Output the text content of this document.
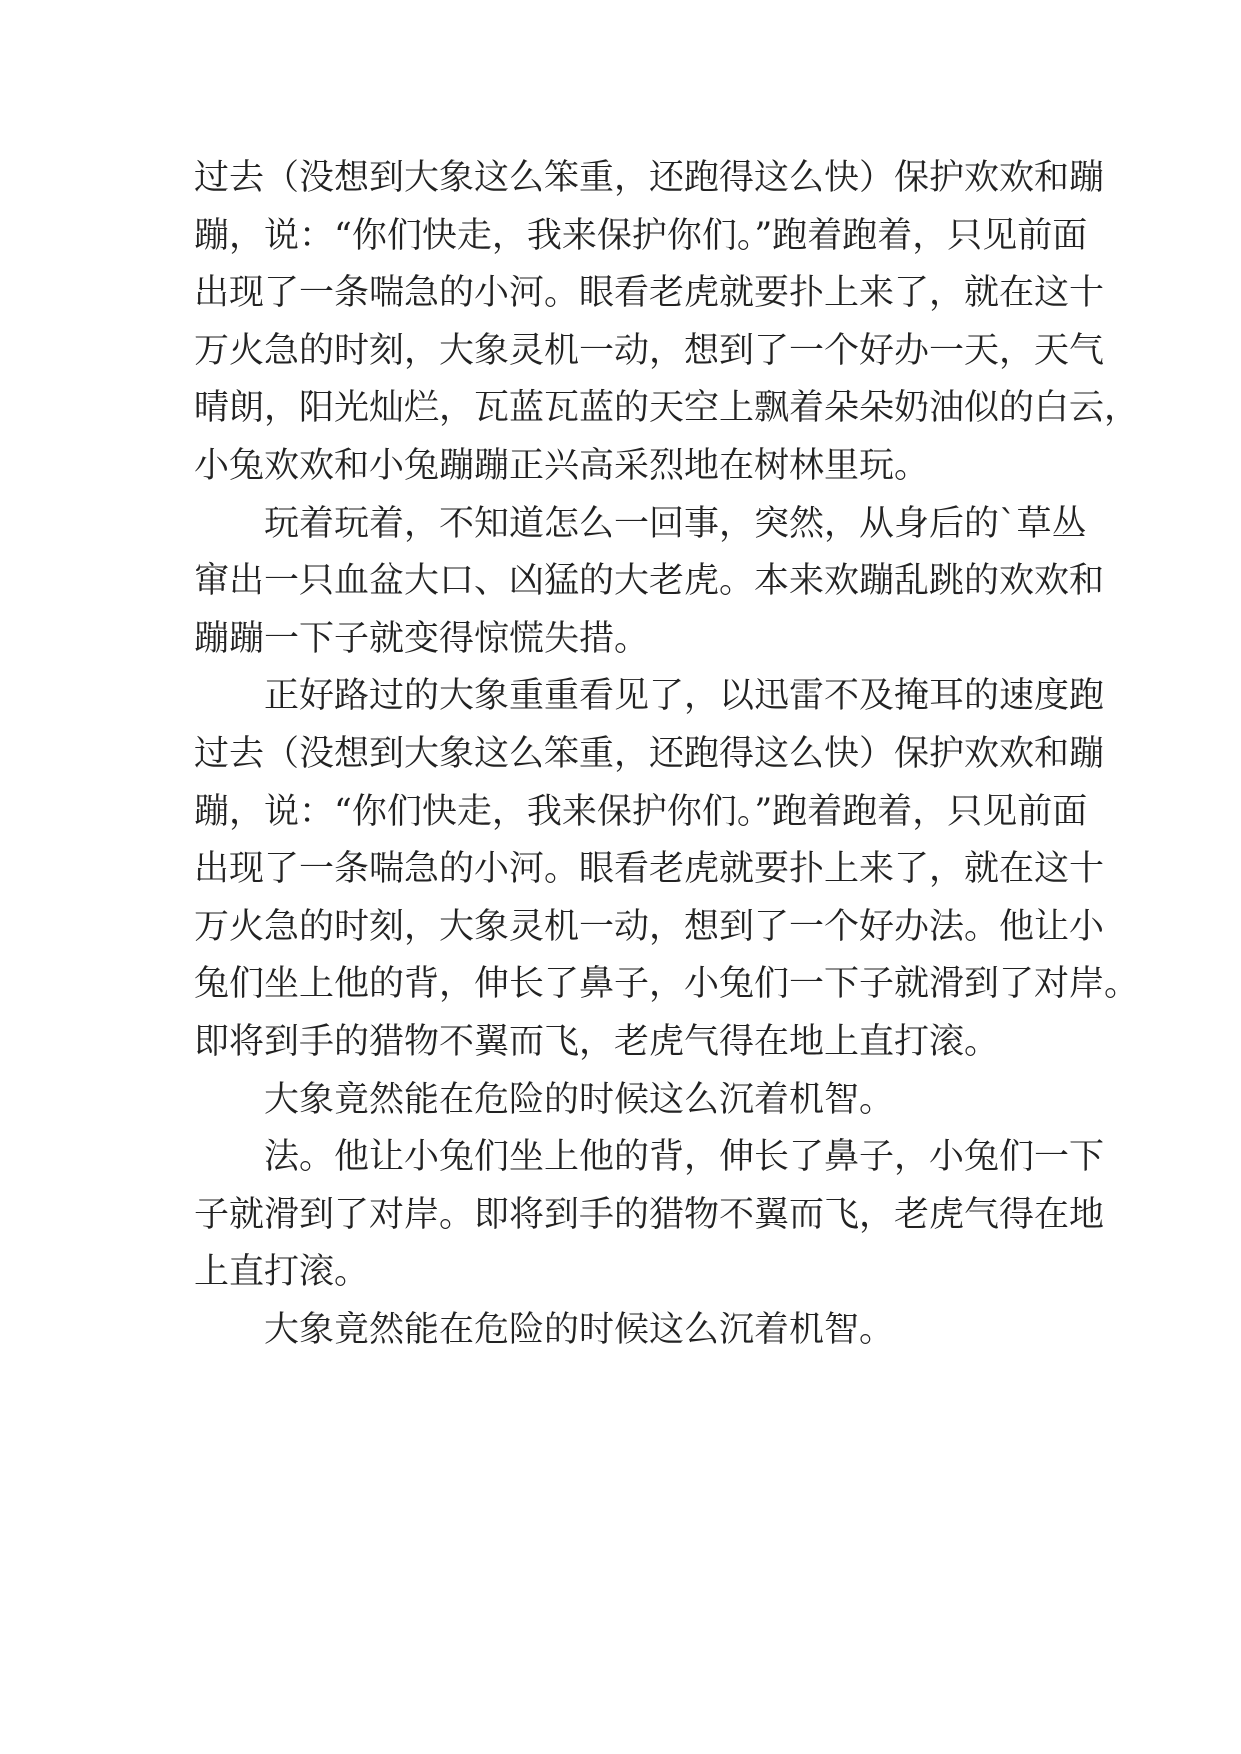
过去（没想到大象这么笨重，还跑得这么快）保护欢欢和蹦
蹦，说：“你们快走，我来保护你们。”跑着跑着，只见前面
出现了一条喘急的小河。眼看老虎就要扑上来了，就在这十
万火急的时刻，大象灵机一动，想到了一个好办一天，天气
晴朗，阳光灿烂，瓦蓝瓦蓝的天空上飘着朵朵奶油似的白云，
小兔欢欢和小兔蹦蹦正兴高采烈地在树林里玩。
玩着玩着，不知道怎么一回事，突然，从身后的`草丛
窜出一只血盆大口、凶猛的大老虎。本来欢蹦乱跳的欢欢和
蹦蹦一下子就变得惊慌失措。
正好路过的大象重重看见了，以迅雷不及掩耳的速度跑
过去（没想到大象这么笨重，还跑得这么快）保护欢欢和蹦
蹦，说：“你们快走，我来保护你们。”跑着跑着，只见前面
出现了一条喘急的小河。眼看老虎就要扑上来了，就在这十
万火急的时刻，大象灵机一动，想到了一个好办法。他让小
兔们坐上他的背，伸长了鼻子，小兔们一下子就滑到了对岸。
即将到手的猎物不翼而飞，老虎气得在地上直打滚。
大象竟然能在危险的时候这么沉着机智。
法。他让小兔们坐上他的背，伸长了鼻子，小兔们一下
子就滑到了对岸。即将到手的猎物不翼而飞，老虎气得在地
上直打滚。
大象竟然能在危险的时候这么沉着机智。
